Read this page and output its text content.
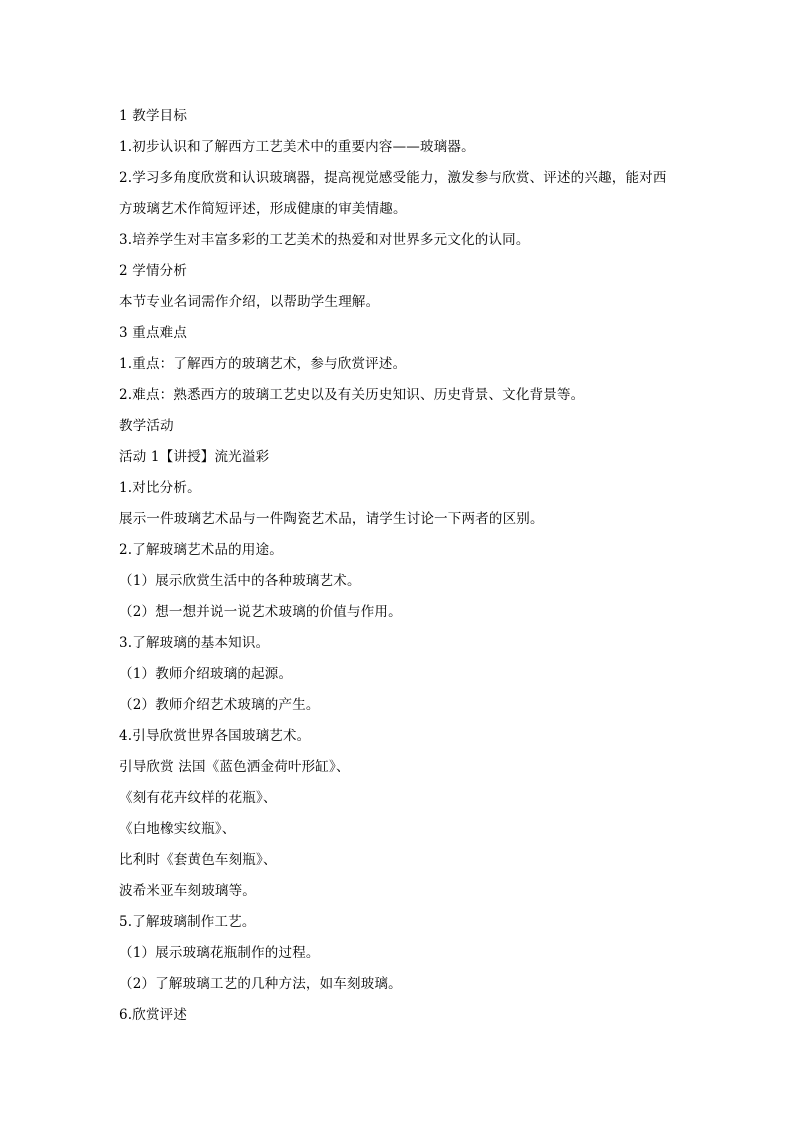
1 教学目标
1.初步认识和了解西方工艺美术中的重要内容——玻璃器。
2.学习多角度欣赏和认识玻璃器，提高视觉感受能力，激发参与欣赏、评述的兴趣，能对西
方玻璃艺术作简短评述，形成健康的审美情趣。
3.培养学生对丰富多彩的工艺美术的热爱和对世界多元文化的认同。
2 学情分析
本节专业名词需作介绍，以帮助学生理解。
3 重点难点
1.重点：了解西方的玻璃艺术，参与欣赏评述。
2.难点：熟悉西方的玻璃工艺史以及有关历史知识、历史背景、文化背景等。
教学活动
活动 1【讲授】流光溢彩
1.对比分析。
展示一件玻璃艺术品与一件陶瓷艺术品，请学生讨论一下两者的区别。
2.了解玻璃艺术品的用途。
（1）展示欣赏生活中的各种玻璃艺术。
（2）想一想并说一说艺术玻璃的价值与作用。
3.了解玻璃的基本知识。
（1）教师介绍玻璃的起源。
（2）教师介绍艺术玻璃的产生。
4.引导欣赏世界各国玻璃艺术。
引导欣赏 法国《蓝色洒金荷叶形缸》、
《刻有花卉纹样的花瓶》、
《白地橡实纹瓶》、
比利时《套黄色车刻瓶》、
波希米亚车刻玻璃等。
5.了解玻璃制作工艺。
（1）展示玻璃花瓶制作的过程。
（2）了解玻璃工艺的几种方法，如车刻玻璃。
6.欣赏评述
